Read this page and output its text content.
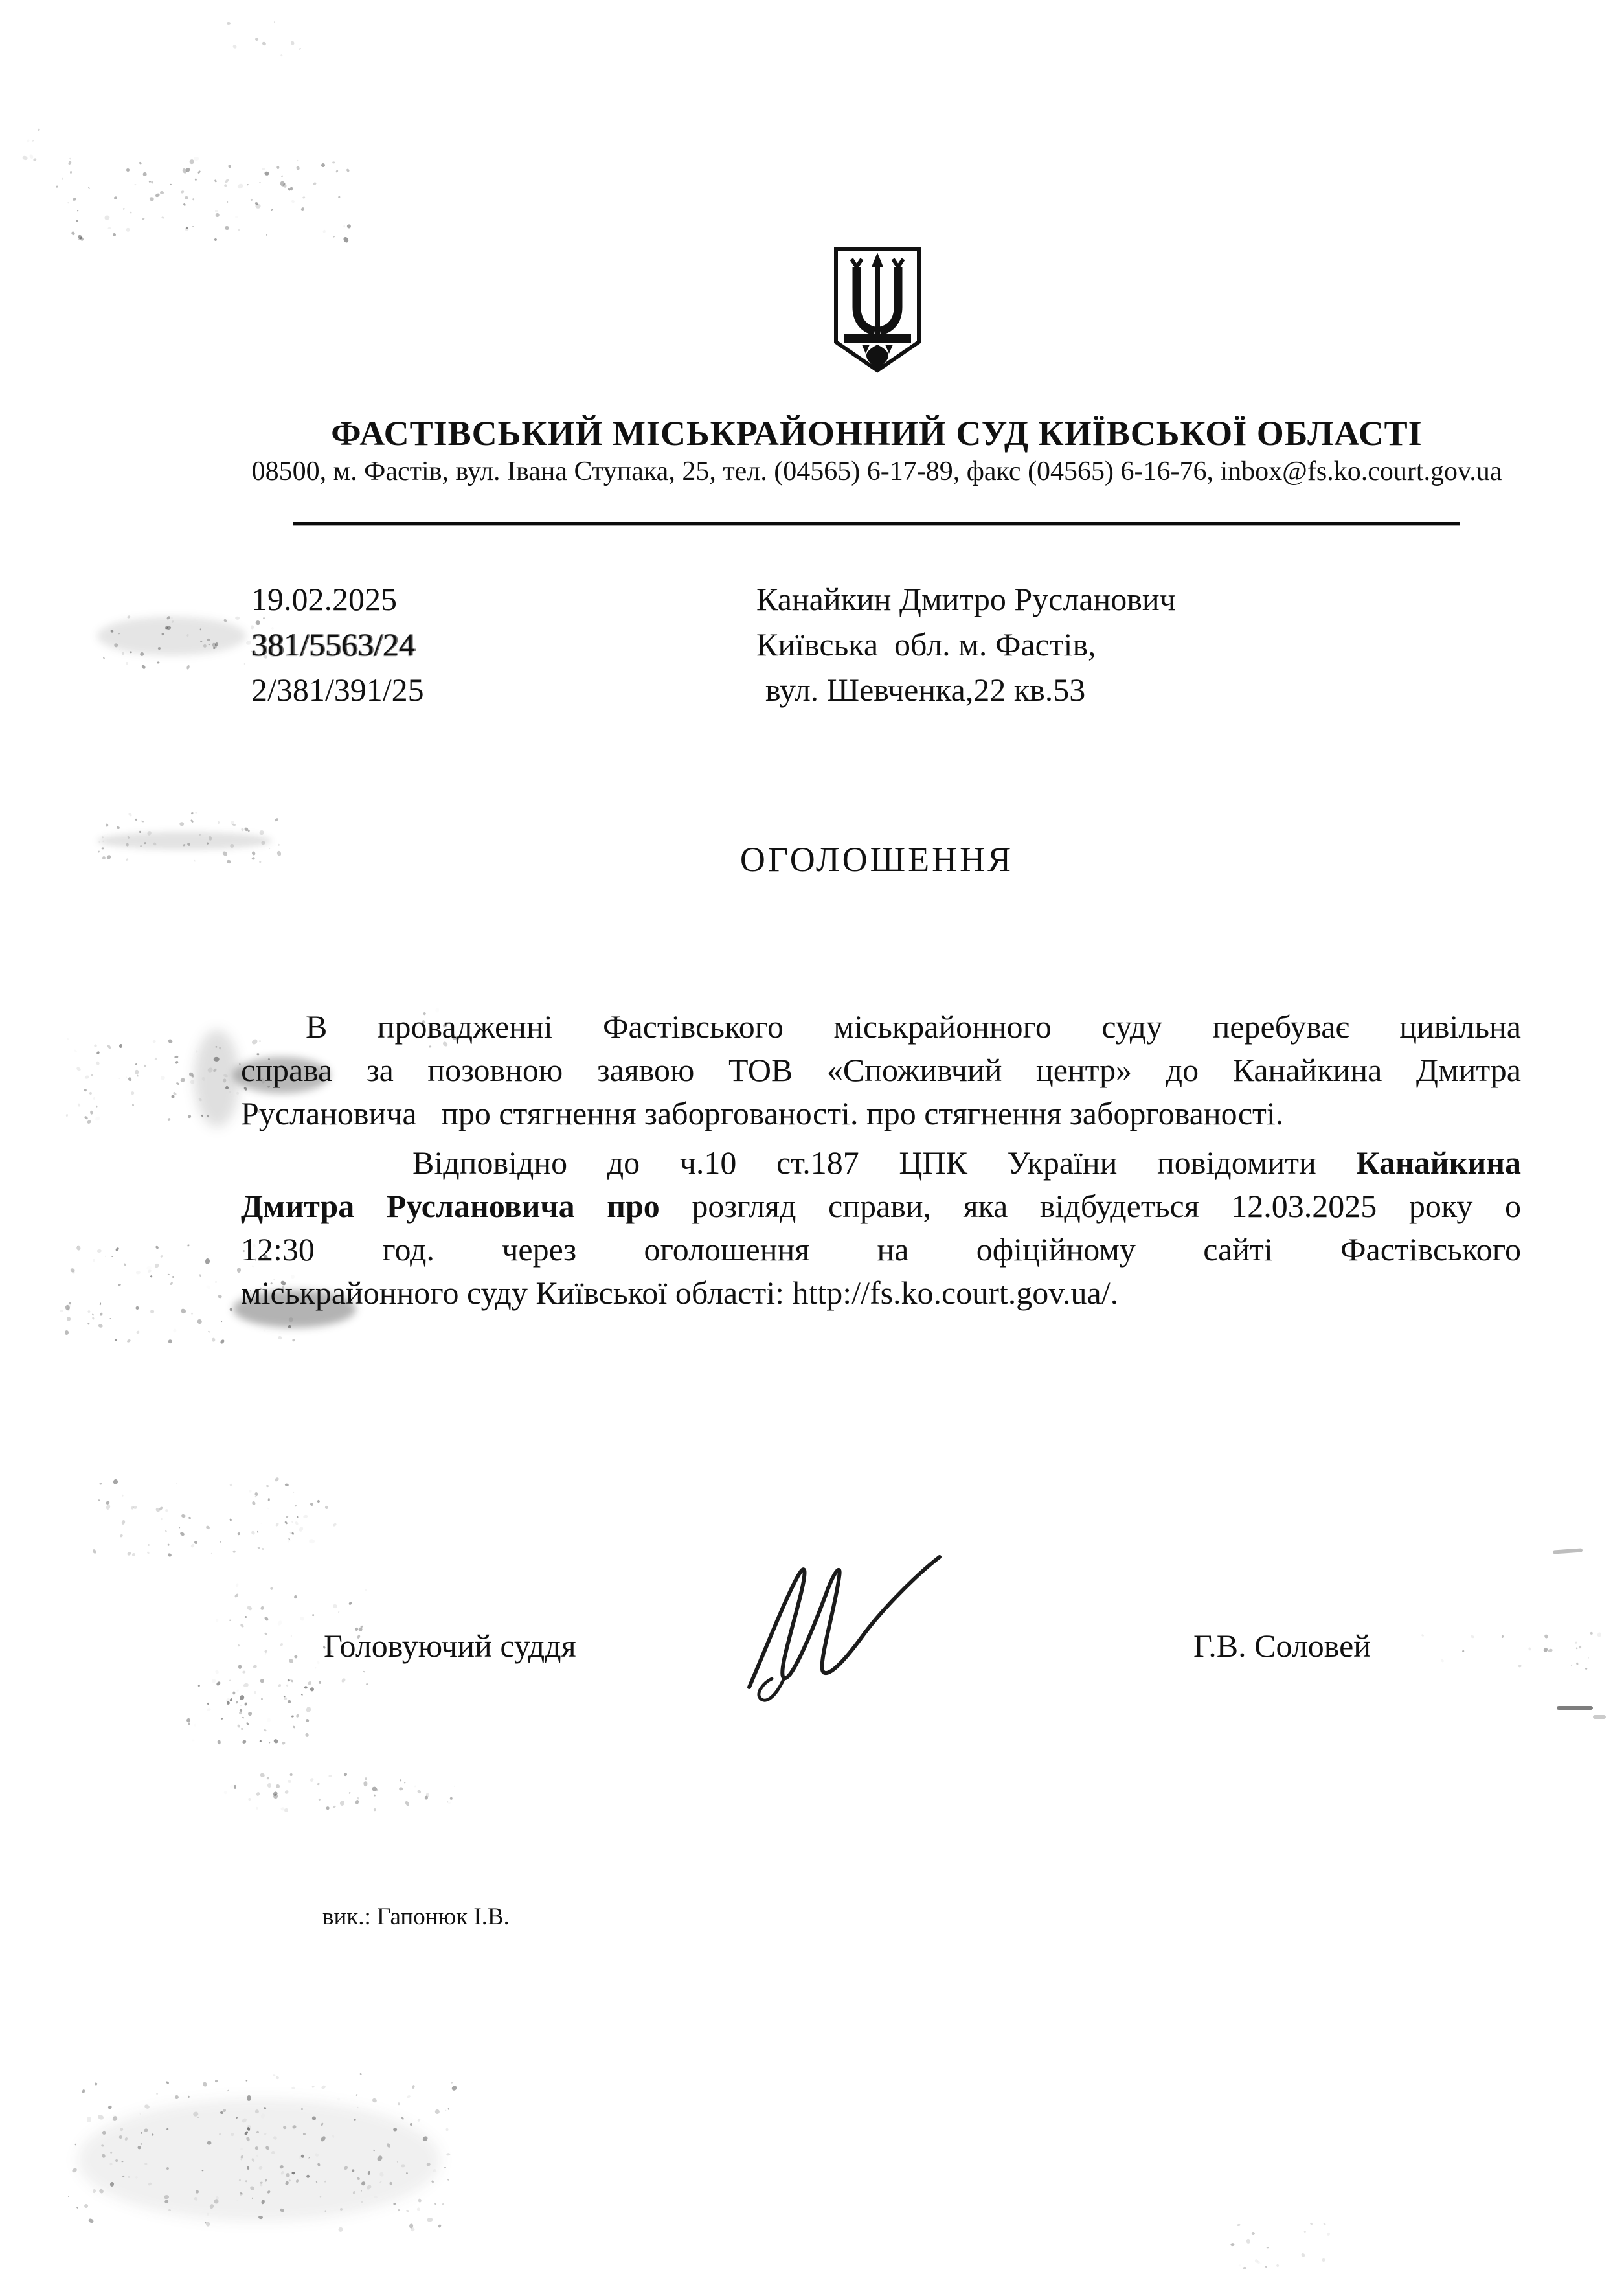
ФАСТІВСЬКИЙ МІСЬКРАЙОННИЙ СУД КИЇВСЬКОЇ ОБЛАСТІ
08500, м. Фастів, вул. Івана Ступака, 25, тел. (04565) 6-17-89, факс (04565) 6-16-76, inbox@fs.ko.court.gov.ua
19.02.2025
381/5563/24
2/381/391/25
Канайкин Дмитро Русланович
Київська  обл. м. Фастів,
вул. Шевченка,22 кв.53
ОГОЛОШЕННЯ
В провадженні Фастівського міськрайонного суду перебуває цивільна
справа за позовною заявою ТОВ «Споживчий центр» до Канайкина Дмитра
Руслановича   про стягнення заборгованості. про стягнення заборгованості.
Відповідно до ч.10 ст.187 ЦПК України повідомити Канайкина
Дмитра Руслановича про розгляд справи, яка відбудеться 12.03.2025 року о
12:30 год. через оголошення на офіційному сайті Фастівського
міськрайонного суду Київської області: http://fs.ko.court.gov.ua/.
Головуючий суддя	Г.В. Соловей
вик.: Гапонюк І.В.
